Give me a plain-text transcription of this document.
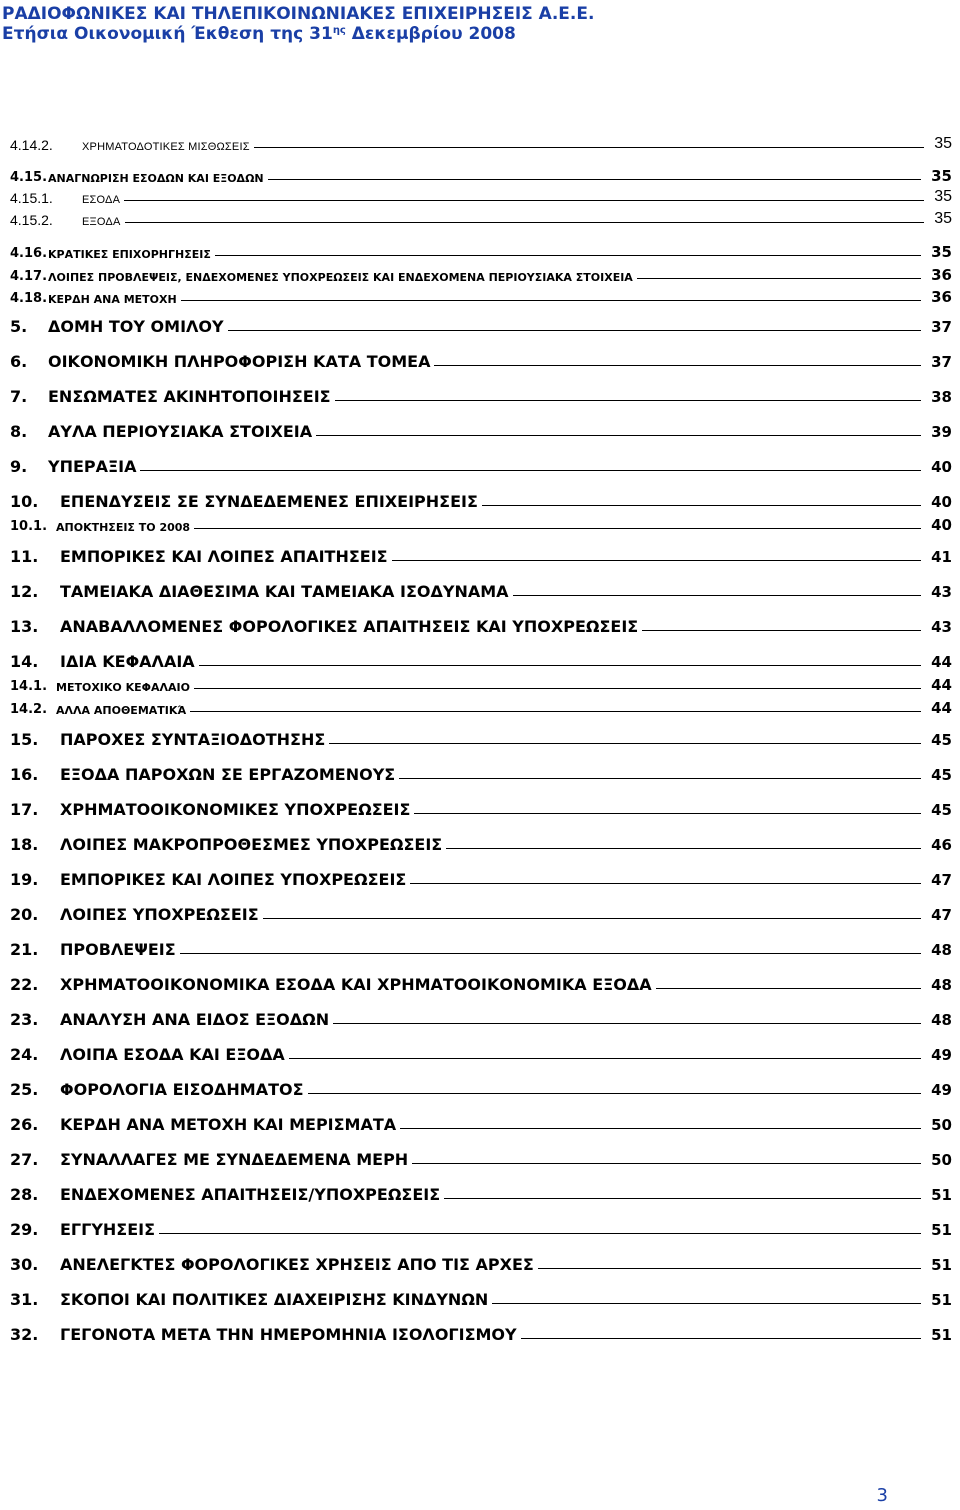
ΡΑΔΙΟΦΩΝΙΚΕΣ ΚΑΙ ΤΗΛΕΠΙΚΟΙΝΩΝΙΑΚΕΣ ΕΠΙΧΕΙΡΗΣΕΙΣ Α.Ε.Ε.
Ετήσια Οικονομική Έκθεση της $31^{\eta\varsigma}$ Δεκεμβρίου 2008
4.14.2.	ΧΡΗΜΑΤΟΔΟΤΙΚΕΣ ΜΙΣΘΩΣΕΙΣ	35
4.15. ΑΝΑΓΝΩΡΙΣΗ ΕΣΟΔΩΝ ΚΑΙ ΕΞΟΔΩΝ	35
4.15.1.	ΕΣΟΔΑ	35
4.15.2.	ΕΞΟΔΑ	35
4.16. ΚΡΑΤΙΚΕΣ ΕΠΙΧΟΡΗΓΗΣΕΙΣ	35
4.17. ΛΟΙΠΕΣ ΠΡΟΒΛΕΨΕΙΣ, ΕΝΔΕΧΟΜΕΝΕΣ ΥΠΟΧΡΕΩΣΕΙΣ ΚΑΙ ΕΝΔΕΧΟΜΕΝΑ ΠΕΡΙΟΥΣΙΑΚΑ ΣΤΟΙΧΕΙΑ	36
4.18. ΚΕΡΔΗ ΑΝΑ ΜΕΤΟΧΗ	36
5.	ΔΟΜΗ ΤΟΥ ΟΜΙΛΟΥ	37
6.	ΟΙΚΟΝΟΜΙΚΗ ΠΛΗΡΟΦΟΡΙΣΗ ΚΑΤΑ ΤΟΜΕΑ	37
7.	ΕΝΣΩΜΑΤΕΣ ΑΚΙΝΗΤΟΠΟΙΗΣΕΙΣ	38
8.	ΑΥΛΑ ΠΕΡΙΟΥΣΙΑΚΑ ΣΤΟΙΧΕΙΑ	39
9.	ΥΠΕΡΑΞΙΑ	40
10.	ΕΠΕΝΔΥΣΕΙΣ ΣΕ ΣΥΝΔΕΔΕΜΕΝΕΣ ΕΠΙΧΕΙΡΗΣΕΙΣ	40
10.1. ΑΠΟΚΤΗΣΕΙΣ ΤΟ 2008	40
11.	ΕΜΠΟΡΙΚΕΣ ΚΑΙ ΛΟΙΠΕΣ ΑΠΑΙΤΗΣΕΙΣ	41
12.	ΤΑΜΕΙΑΚΑ ΔΙΑΘΕΣΙΜΑ ΚΑΙ ΤΑΜΕΙΑΚΑ ΙΣΟΔΥΝΑΜΑ	43
13.	ΑΝΑΒΑΛΛΟΜΕΝΕΣ ΦΟΡΟΛΟΓΙΚΕΣ ΑΠΑΙΤΗΣΕΙΣ ΚΑΙ ΥΠΟΧΡΕΩΣΕΙΣ	43
14.	ΙΔΙΑ ΚΕΦΑΛΑΙΑ	44
14.1. ΜΕΤΟΧΙΚΟ ΚΕΦΑΛΑΙΟ	44
14.2. ΑΛΛΑ ΑΠΟΘΕΜΑΤΙΚΆ	44
15.	ΠΑΡΟΧΕΣ ΣΥΝΤΑΞΙΟΔΟΤΗΣΗΣ	45
16.	ΕΞΟΔΑ ΠΑΡΟΧΩΝ ΣΕ ΕΡΓΑΖΟΜΕΝΟΥΣ	45
17.	ΧΡΗΜΑΤΟΟΙΚΟΝΟΜΙΚΕΣ ΥΠΟΧΡΕΩΣΕΙΣ	45
18.	ΛΟΙΠΕΣ ΜΑΚΡΟΠΡΟΘΕΣΜΕΣ ΥΠΟΧΡΕΩΣΕΙΣ	46
19.	ΕΜΠΟΡΙΚΕΣ ΚΑΙ ΛΟΙΠΕΣ ΥΠΟΧΡΕΩΣΕΙΣ	47
20.	ΛΟΙΠΕΣ ΥΠΟΧΡΕΩΣΕΙΣ	47
21.	ΠΡΟΒΛΕΨΕΙΣ	48
22.	ΧΡΗΜΑΤΟΟΙΚΟΝΟΜΙΚΑ ΕΣΟΔΑ ΚΑΙ ΧΡΗΜΑΤΟΟΙΚΟΝΟΜΙΚΑ ΕΞΟΔΑ	48
23.	ΑΝΑΛΥΣΗ ΑΝΑ ΕΙΔΟΣ ΕΞΟΔΩΝ	48
24.	ΛΟΙΠΑ ΕΣΟΔΑ ΚΑΙ ΕΞΟΔΑ	49
25.	ΦΟΡΟΛΟΓΙΑ ΕΙΣΟΔΗΜΑΤΟΣ	49
26.	ΚΕΡΔΗ ΑΝΑ ΜΕΤΟΧΗ ΚΑΙ ΜΕΡΙΣΜΑΤΑ	50
27.	ΣΥΝΑΛΛΑΓΕΣ ΜΕ ΣΥΝΔΕΔΕΜΕΝΑ ΜΕΡΗ	50
28.	ΕΝΔΕΧΟΜΕΝΕΣ ΑΠΑΙΤΗΣΕΙΣ/ΥΠΟΧΡΕΩΣΕΙΣ	51
29.	ΕΓΓΥΗΣΕΙΣ	51
30.	ΑΝΕΛΕΓΚΤΕΣ ΦΟΡΟΛΟΓΙΚΕΣ ΧΡΗΣΕΙΣ ΑΠΟ ΤΙΣ ΑΡΧΕΣ	51
31.	ΣΚΟΠΟΙ ΚΑΙ ΠΟΛΙΤΙΚΕΣ ΔΙΑΧΕΙΡΙΣΗΣ ΚΙΝΔΥΝΩΝ	51
32.	ΓΕΓΟΝΟΤΑ ΜΕΤΑ ΤΗΝ ΗΜΕΡΟΜΗΝΙΑ ΙΣΟΛΟΓΙΣΜΟΥ	51
3
